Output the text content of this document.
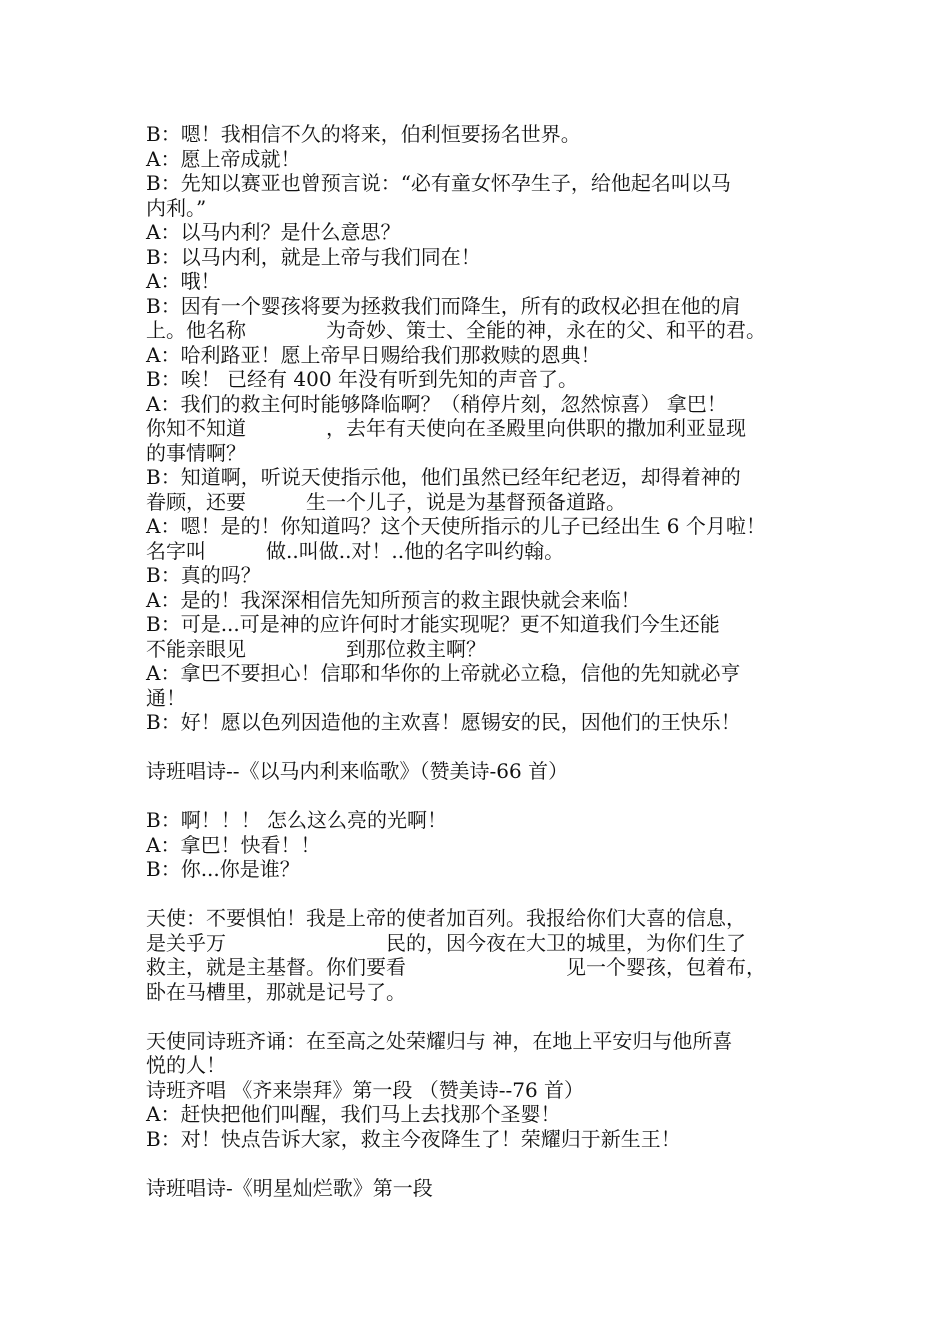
B：嗯！我相信不久的将来，伯利恒要扬名世界。

A：愿上帝成就！

B：先知以赛亚也曾预言说：“必有童女怀孕生子，给他起名叫以马

内利。”

A：以马内利？是什么意思？

B：以马内利，就是上帝与我们同在！

A：哦！

B：因有一个婴孩将要为拯救我们而降生，所有的政权必担在他的肩

上。他名称　　　　为奇妙、策士、全能的神，永在的父、和平的君。

A：哈利路亚！愿上帝早日赐给我们那救赎的恩典！

B：唉！ 已经有 400 年没有听到先知的声音了。

A：我们的救主何时能够降临啊？（稍停片刻，忽然惊喜） 拿巴！

你知不知道　　　　，去年有天使向在圣殿里向供职的撒加利亚显现

的事情啊？

B：知道啊，听说天使指示他，他们虽然已经年纪老迈，却得着神的

眷顾，还要　　　生一个儿子，说是为基督预备道路。

A：嗯！是的！你知道吗？这个天使所指示的儿子已经出生 6 个月啦！

名字叫　　　做..叫做..对！..他的名字叫约翰。

B：真的吗？

A：是的！我深深相信先知所预言的救主跟快就会来临！

B：可是...可是神的应许何时才能实现呢？更不知道我们今生还能

不能亲眼见　　　　　到那位救主啊？

A：拿巴不要担心！信耶和华你的上帝就必立稳，信他的先知就必亨

通！

B：好！愿以色列因造他的主欢喜！愿锡安的民，因他们的王快乐！

诗班唱诗--《以马内利来临歌》（赞美诗-66 首）

B：啊！！！ 怎么这么亮的光啊！

A：拿巴！快看！！

B：你...你是谁？

天使：不要惧怕！我是上帝的使者加百列。我报给你们大喜的信息，

是关乎万　　　　　　　　民的，因今夜在大卫的城里，为你们生了

救主，就是主基督。你们要看　　　　　　　　见一个婴孩，包着布，

卧在马槽里，那就是记号了。

天使同诗班齐诵：在至高之处荣耀归与 神，在地上平安归与他所喜

悦的人！

诗班齐唱 《齐来崇拜》第一段 （赞美诗--76 首）

A：赶快把他们叫醒，我们马上去找那个圣婴！

B：对！快点告诉大家，救主今夜降生了！荣耀归于新生王！

诗班唱诗-《明星灿烂歌》第一段
